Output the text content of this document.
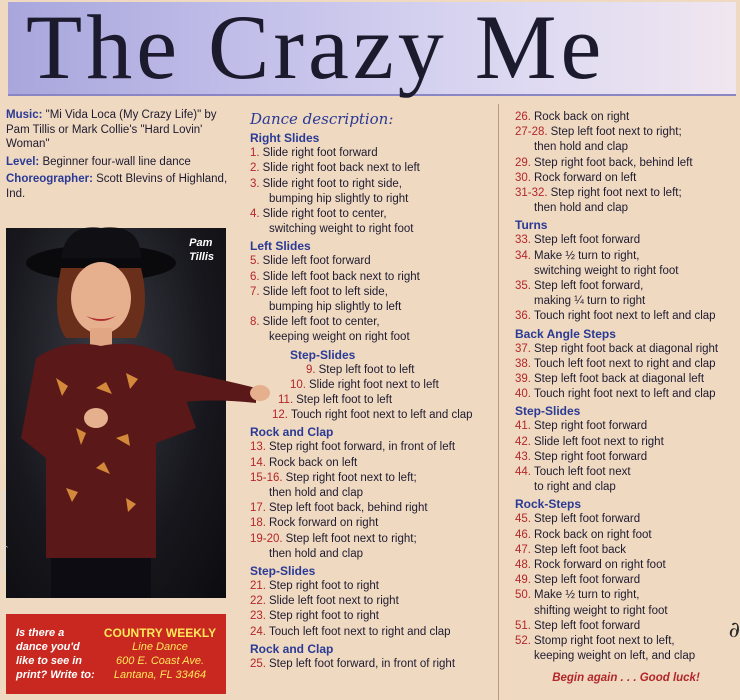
The Crazy Me

Music: "Mi Vida Loca (My Crazy Life)" by Pam Tillis or Mark Collie's "Hard Lovin' Woman"

Level: Beginner four-wall line dance

Choreographer: Scott Blevins of Highland, Ind.

Pam
Tillis
Photo by Robin Lombardo
Is there a
dance you'd
like to see in
print? Write to:
COUNTRY WEEKLY
Line Dance
600 E. Coast Ave.
Lantana, FL 33464
Dance description:
Right Slides
1. Slide right foot forward
2. Slide right foot back next to left
3. Slide right foot to right side,
bumping hip slightly to right
4. Slide right foot to center,
switching weight to right foot
Left Slides
5. Slide left foot forward
6. Slide left foot back next to right
7. Slide left foot to left side,
bumping hip slightly to left
8. Slide left foot to center,
keeping weight on right foot
Step-Slides
9. Step left foot to left
10. Slide right foot next to left
11. Step left foot to left
12. Touch right foot next to left and clap
Rock and Clap
13. Step right foot forward, in front of left
14. Rock back on left
15-16. Step right foot next to left;
then hold and clap
17. Step left foot back, behind right
18. Rock forward on right
19-20. Step left foot next to right;
then hold and clap
Step-Slides
21. Step right foot to right
22. Slide left foot next to right
23. Step right foot to right
24. Touch left foot next to right and clap
Rock and Clap
25. Step left foot forward, in front of right
26. Rock back on right
27-28. Step left foot next to right;
then hold and clap
29. Step right foot back, behind left
30. Rock forward on left
31-32. Step right foot next to left;
then hold and clap
Turns
33. Step left foot forward
34. Make ½ turn to right,
switching weight to right foot
35. Step left foot forward,
making ¼ turn to right
36. Touch right foot next to left and clap
Back Angle Steps
37. Step right foot back at diagonal right
38. Touch left foot next to right and clap
39. Step left foot back at diagonal left
40. Touch right foot next to left and clap
Step-Slides
41. Step right foot forward
42. Slide left foot next to right
43. Step right foot forward
44. Touch left foot next
to right and clap
Rock-Steps
45. Step left foot forward
46. Rock back on right foot
47. Step left foot back
48. Rock forward on right foot
49. Step left foot forward
50. Make ½ turn to right,
shifting weight to right foot
51. Step left foot forward
52. Stomp right foot next to left,
keeping weight on left, and clap
Begin again . . . Good luck!
∂
